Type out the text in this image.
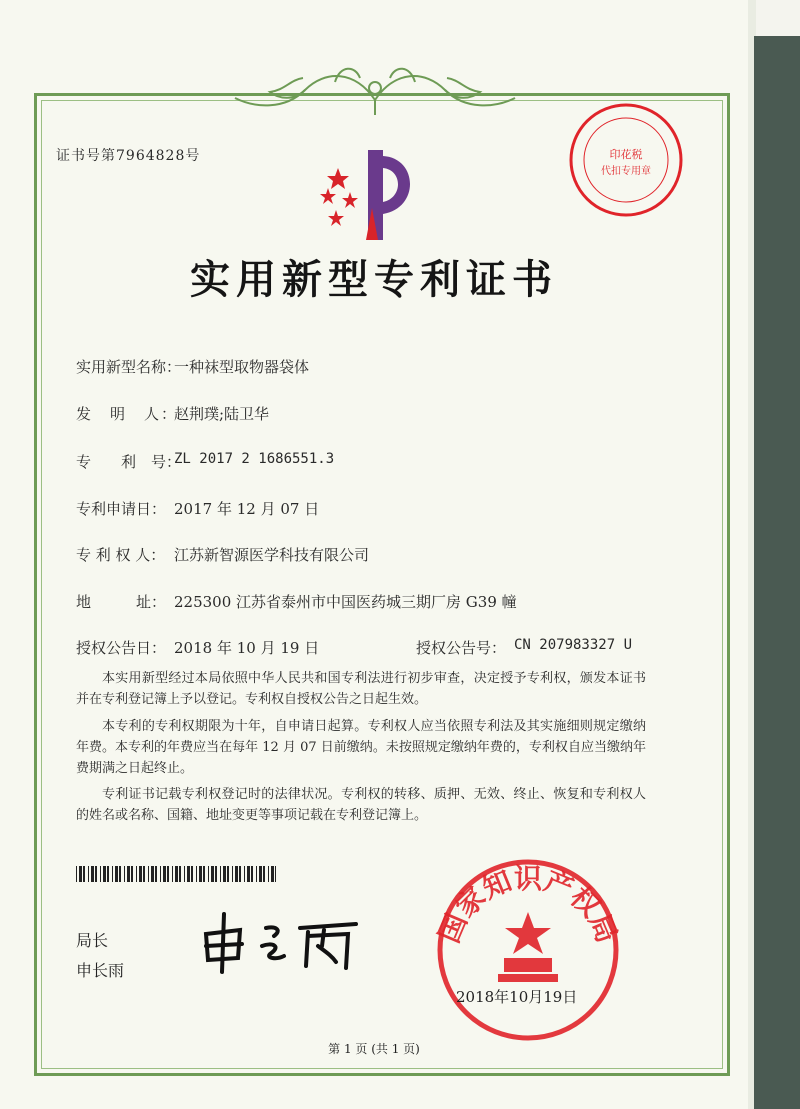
证书号第7964828号	印花税
代扣专用章
实用新型专利证书
实用新型名称：
一种袜型取物器袋体
发　明　人：
赵荆璞;陆卫华
专　　利　号：
ZL 2017 2 1686551.3
专利申请日： 2017 年 12 月 07 日
专 利 权 人： 江苏新智源医学科技有限公司
地　　　址： 225300 江苏省泰州市中国医药城三期厂房 G39 幢
授权公告日： 2018 年 10 月 19 日	授权公告号： CN 207983327 U
本实用新型经过本局依照中华人民共和国专利法进行初步审查，决定授予专利权，颁发本证书并在专利登记簿上予以登记。专利权自授权公告之日起生效。
本专利的专利权期限为十年，自申请日起算。专利权人应当依照专利法及其实施细则规定缴纳年费。本专利的年费应当在每年 12 月 07 日前缴纳。未按照规定缴纳年费的，专利权自应当缴纳年费期满之日起终止。
专利证书记载专利权登记时的法律状况。专利权的转移、质押、无效、终止、恢复和专利权人的姓名或名称、国籍、地址变更等事项记载在专利登记簿上。
局长
申长雨
国家知识产权局
2018年10月19日
第 1 页 (共 1 页)
